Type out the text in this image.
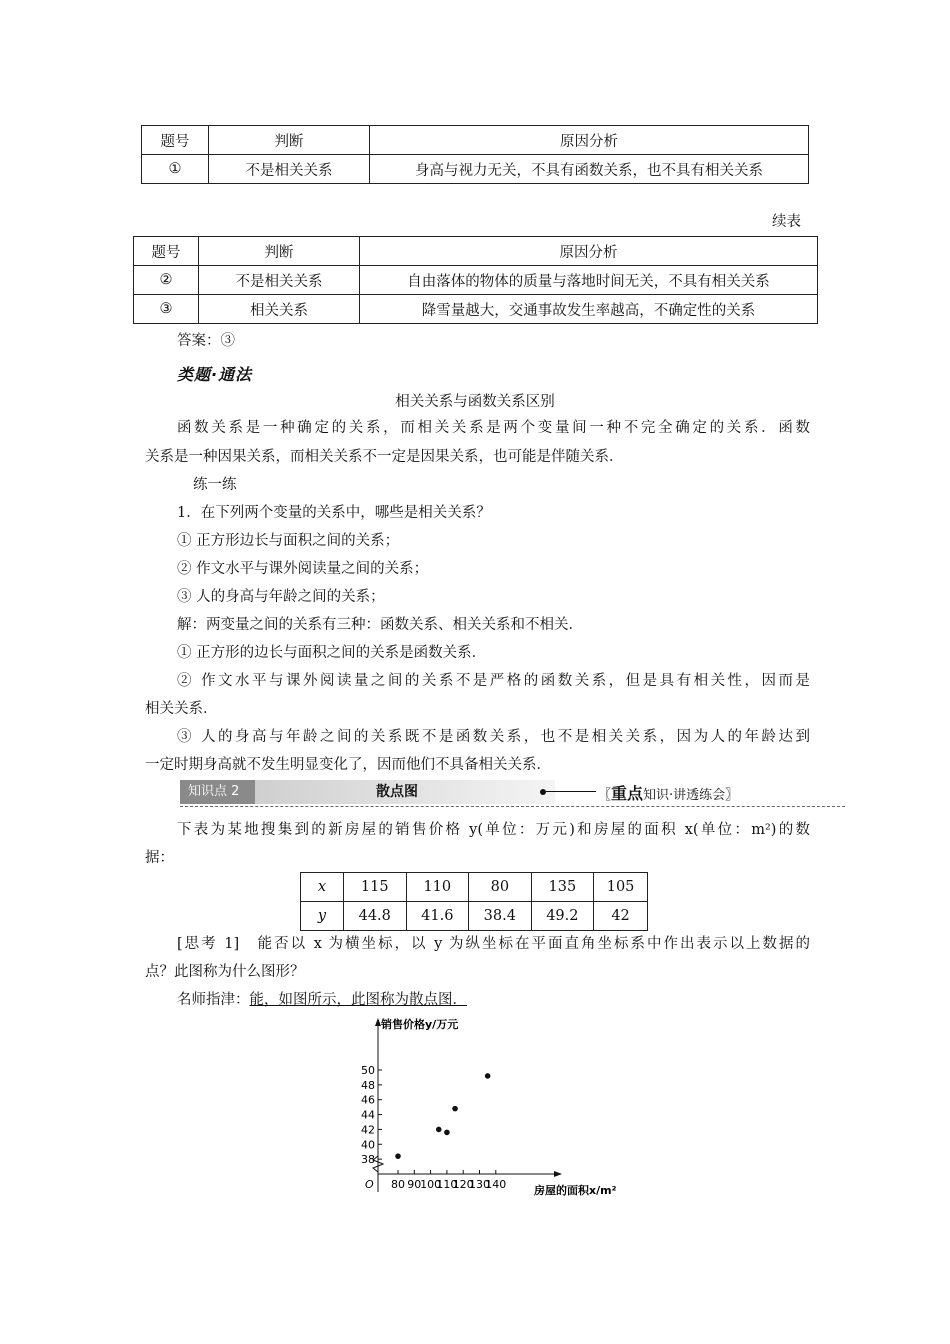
题号	判断	原因分析
①	不是相关关系	身高与视力无关，不具有函数关系，也不具有相关关系
续表
题号	判断	原因分析
②	不是相关关系	自由落体的物体的质量与落地时间无关，不具有相关关系
③	相关关系	降雪量越大，交通事故发生率越高，不确定性的关系
答案：③
类题·通法
相关关系与函数关系区别
函数关系是一种确定的关系，而相关关系是两个变量间一种不完全确定的关系．函数
关系是一种因果关系，而相关关系不一定是因果关系，也可能是伴随关系．
练一练
1．在下列两个变量的关系中，哪些是相关关系？
① 正方形边长与面积之间的关系；
② 作文水平与课外阅读量之间的关系；
③ 人的身高与年龄之间的关系；
解：两变量之间的关系有三种：函数关系、相关关系和不相关．
① 正方形的边长与面积之间的关系是函数关系．
② 作文水平与课外阅读量之间的关系不是严格的函数关系，但是具有相关性，因而是
相关关系．
③ 人的身高与年龄之间的关系既不是函数关系，也不是相关关系，因为人的年龄达到
一定时期身高就不发生明显变化了，因而他们不具备相关关系．
知识点 2	散点图	〖重点知识·讲透练会〗
下表为某地搜集到的新房屋的销售价格 y(单位：万元)和房屋的面积 x(单位：m²)的数
据：
x	115	110	80	135	105
y	44.8	41.6	38.4	49.2	42
[思考 1]　能否以 x 为横坐标，以 y 为纵坐标在平面直角坐标系中作出表示以上数据的
点？此图称为什么图形？
名师指津：能，如图所示，此图称为散点图．
销售价格y/万元
房屋的面积x/m²
O
38
40
42
44
46
48
50
80 90
100
110
120
130
140
